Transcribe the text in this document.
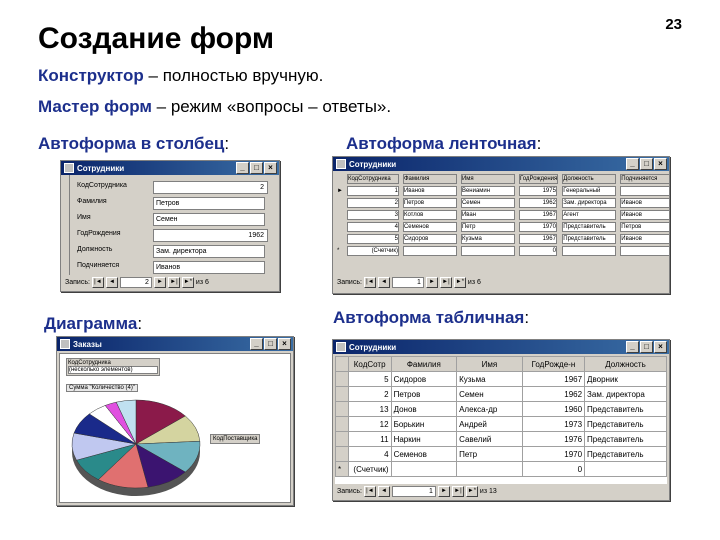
Создание форм	23
Конструктор – полностью вручную.
Мастер форм – режим «вопросы – ответы».
Автоформа в столбец:	Автоформа ленточная:
Диаграмма:	Автоформа табличная:
Сотрудники	_	□	×
КодСотрудника	2
Фамилия	Петров
Имя	Семен
ГодРождения	1962
Должность	Зам. директора
Подчиняется	Иванов
Запись: |◄	◄	2	►	►|	►* из 6
Сотрудники	_	□	×

	КодСотрудника	Фамилия	Имя	ГодРождения	Должность	Подчиняется

►	1	Иванов	Вениамин	1975	Генеральный	

	2	Петров	Семен	1962	Зам. директора	Иванов

	3	Котлов	Иван	1967	Агент	Иванов

	4	Семенов	Петр	1970	Представитель	Петров

	5	Сидоров	Кузьма	1967	Представитель	Иванов

*	(Счетчик)			0		

Запись: |◄	◄	1	►	►|	►* из 6
Заказы	_	□	×
КодСотрудника
(несколько элементов)
Сумма "Количество (4)"
КодПоставщика
Сотрудники	_	□	×
	КодСотр	Фамилия	Имя	ГодРожде-н	Должность
	5	Сидоров	Кузьма	1967	Дворник
	2	Петров	Семен	1962	Зам. директора
	13	Донов	Алекса-др	1960	Представитель
	12	Борькин	Андрей	1973	Представитель
	11	Наркин	Савелий	1976	Представитель
	4	Семенов	Петр	1970	Представитель
*	(Счетчик)			0	
Запись: |◄	◄	1	►	►|	►* из 13
